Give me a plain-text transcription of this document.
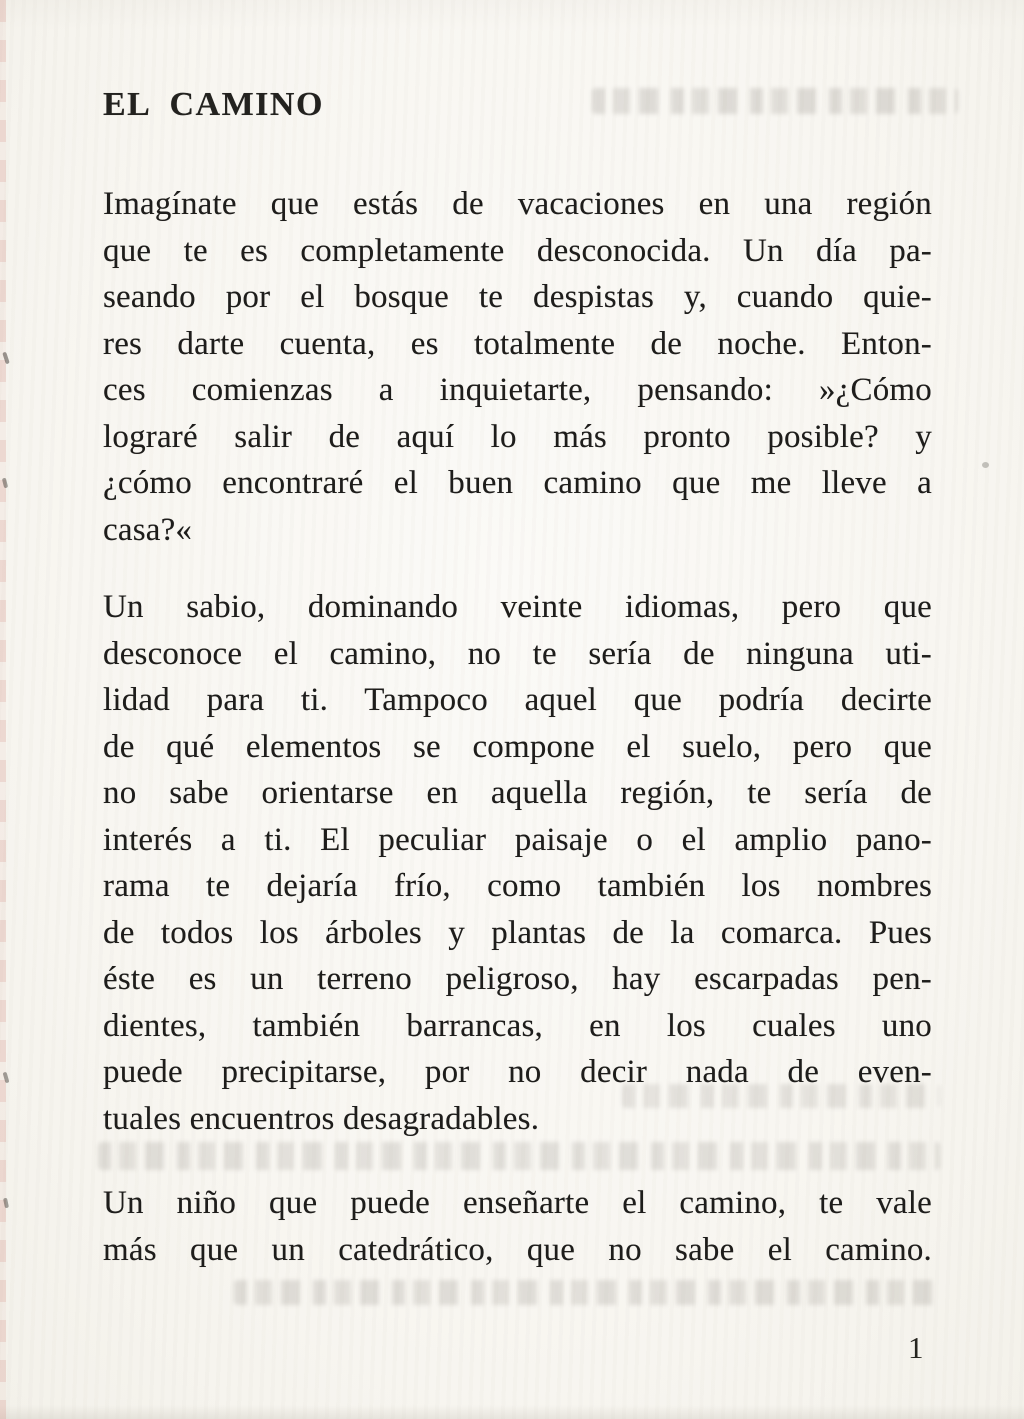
EL CAMINO
Imagínate que estás de vacaciones en una región
que te es completamente desconocida. Un día pa-
seando por el bosque te despistas y, cuando quie-
res darte cuenta, es totalmente de noche. Enton-
ces comienzas a inquietarte, pensando: »¿Cómo
lograré salir de aquí lo más pronto posible? y
¿cómo encontraré el buen camino que me lleve a
casa?«
Un sabio, dominando veinte idiomas, pero que
desconoce el camino, no te sería de ninguna uti-
lidad para ti. Tampoco aquel que podría decirte
de qué elementos se compone el suelo, pero que
no sabe orientarse en aquella región, te sería de
interés a ti. El peculiar paisaje o el amplio pano-
rama te dejaría frío, como también los nombres
de todos los árboles y plantas de la comarca. Pues
éste es un terreno peligroso, hay escarpadas pen-
dientes, también barrancas, en los cuales uno
puede precipitarse, por no decir nada de even-
tuales encuentros desagradables.
Un niño que puede enseñarte el camino, te vale
más que un catedrático, que no sabe el camino.
1
